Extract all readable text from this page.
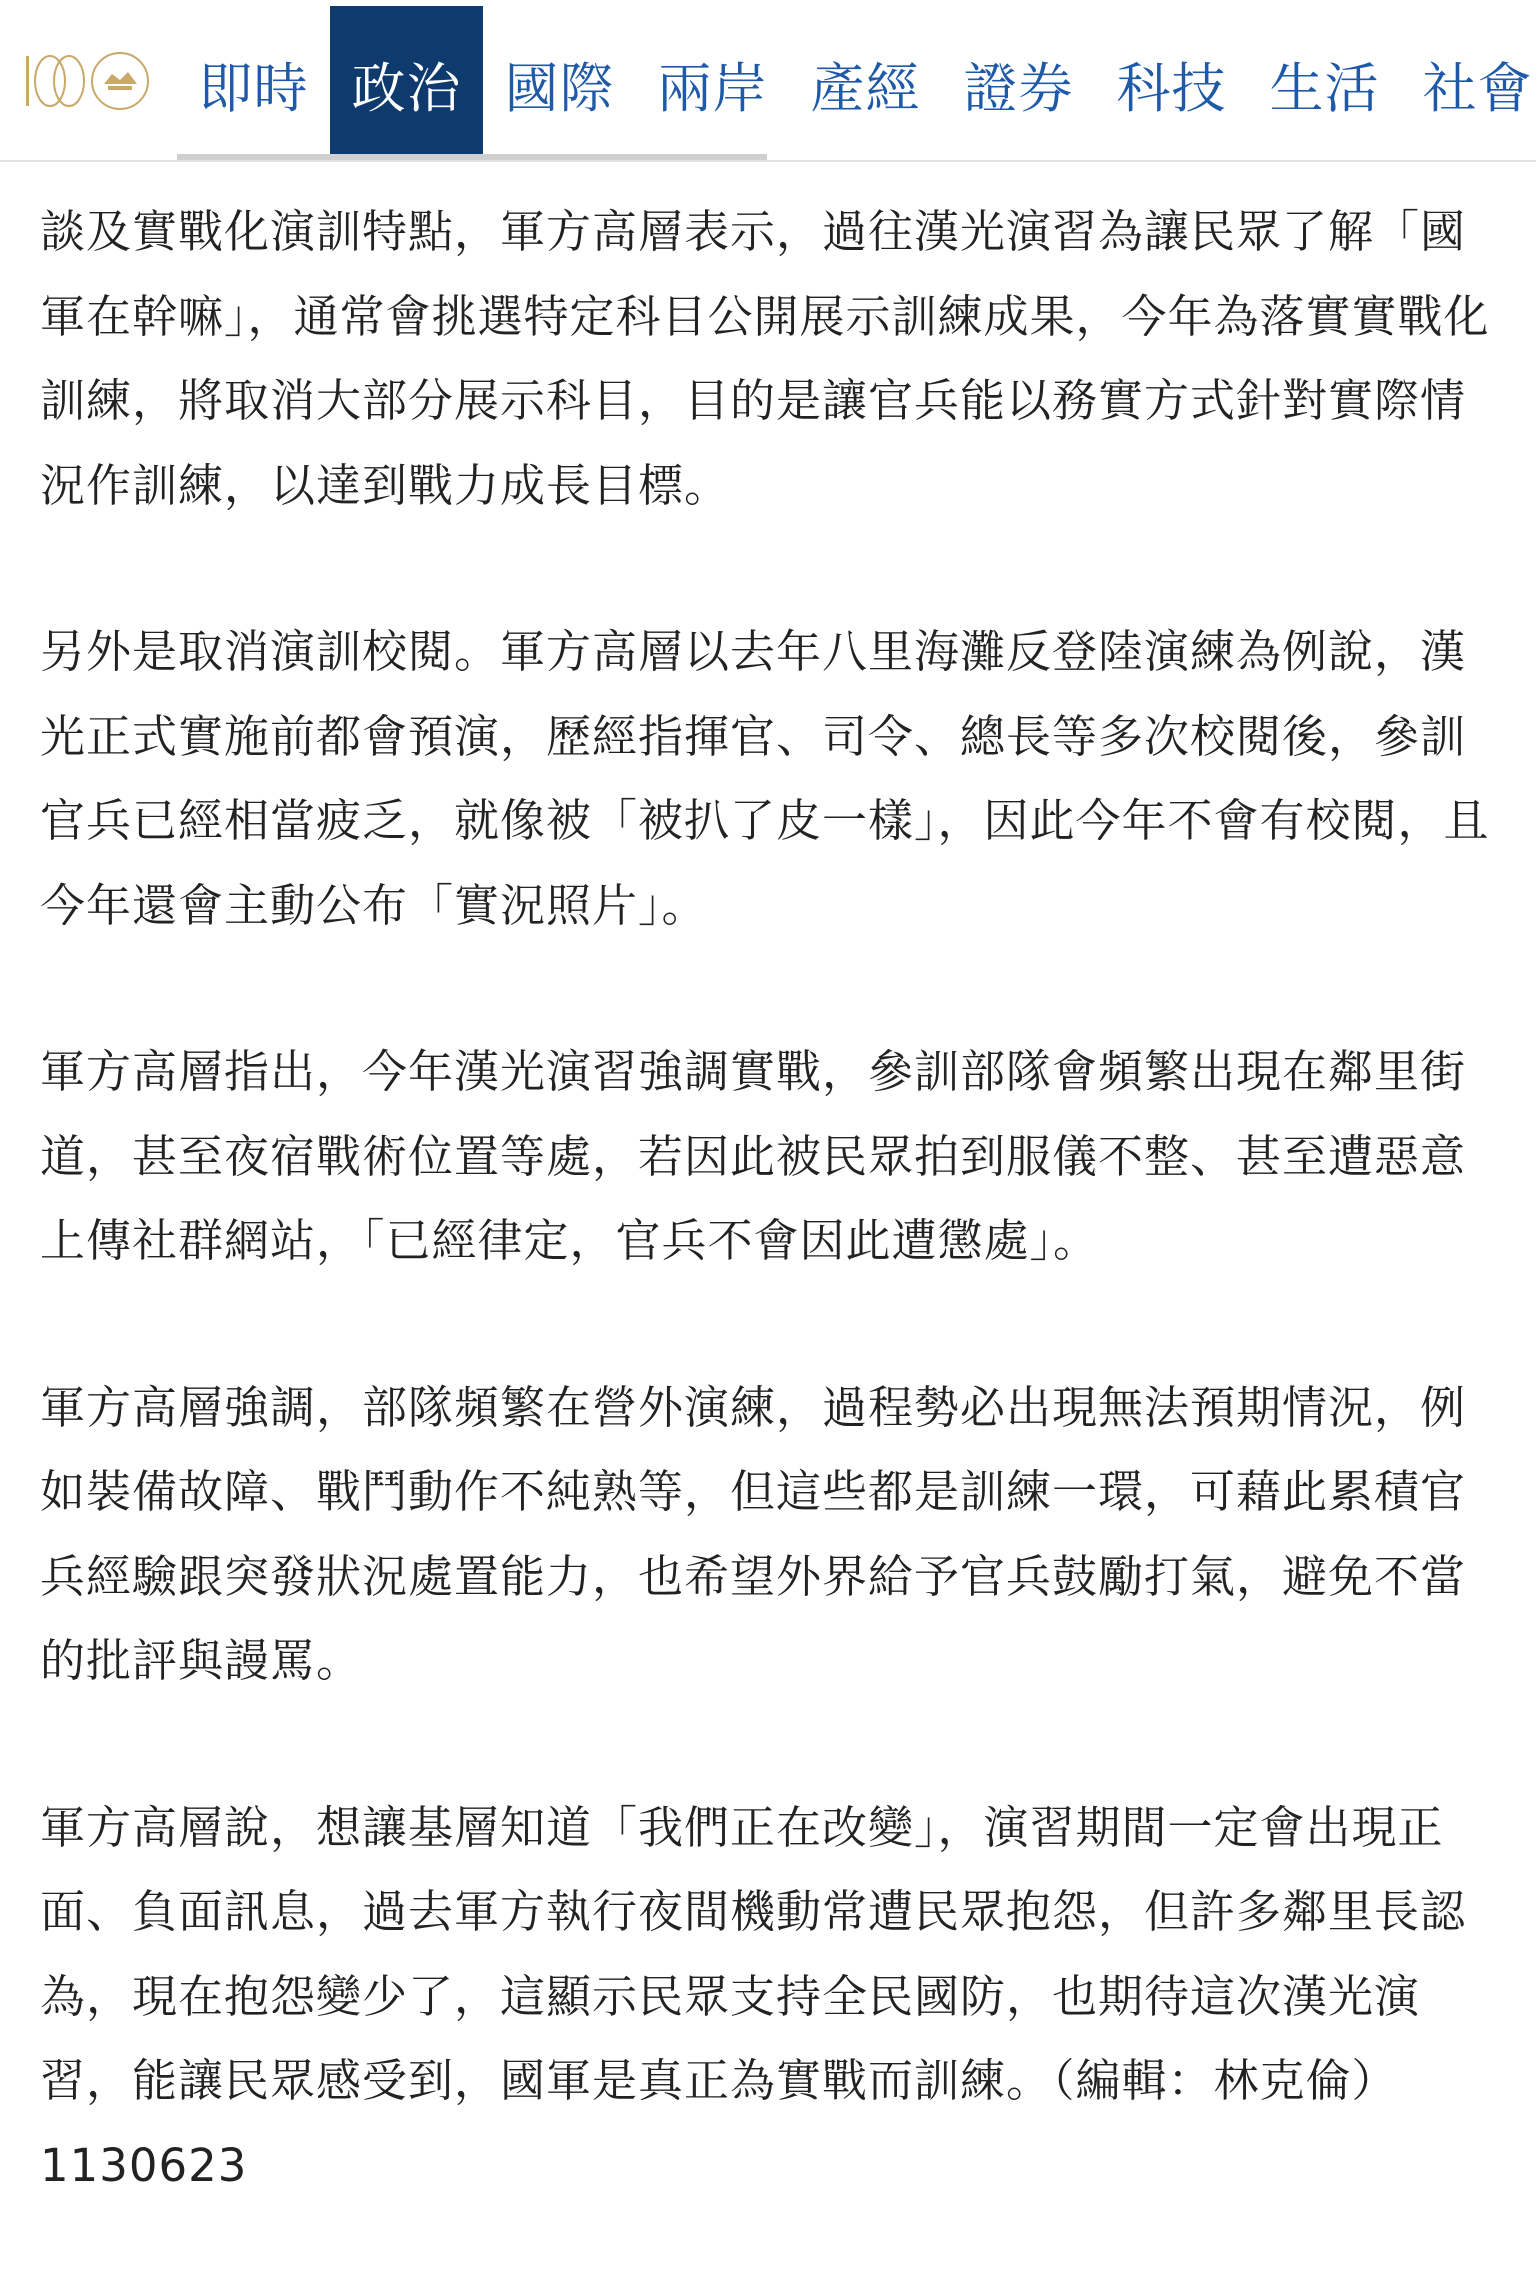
即時 政治 國際 兩岸 產經 證券 科技 生活 社會

談及實戰化演訓特點，軍方高層表示，過往漢光演習為讓民眾了解「國軍在幹嘛」，通常會挑選特定科目公開展示訓練成果，今年為落實實戰化訓練，將取消大部分展示科目，目的是讓官兵能以務實方式針對實際情況作訓練，以達到戰力成長目標。

另外是取消演訓校閱。軍方高層以去年八里海灘反登陸演練為例說，漢光正式實施前都會預演，歷經指揮官、司令、總長等多次校閱後，參訓官兵已經相當疲乏，就像被「被扒了皮一樣」，因此今年不會有校閱，且今年還會主動公布「實況照片」。

軍方高層指出，今年漢光演習強調實戰，參訓部隊會頻繁出現在鄰里街道，甚至夜宿戰術位置等處，若因此被民眾拍到服儀不整、甚至遭惡意上傳社群網站，「已經律定，官兵不會因此遭懲處」。

軍方高層強調，部隊頻繁在營外演練，過程勢必出現無法預期情況，例如裝備故障、戰鬥動作不純熟等，但這些都是訓練一環，可藉此累積官兵經驗跟突發狀況處置能力，也希望外界給予官兵鼓勵打氣，避免不當的批評與謾罵。

軍方高層說，想讓基層知道「我們正在改變」，演習期間一定會出現正面、負面訊息，過去軍方執行夜間機動常遭民眾抱怨，但許多鄰里長認為，現在抱怨變少了，這顯示民眾支持全民國防，也期待這次漢光演習，能讓民眾感受到，國軍是真正為實戰而訓練。（編輯：林克倫）1130623
